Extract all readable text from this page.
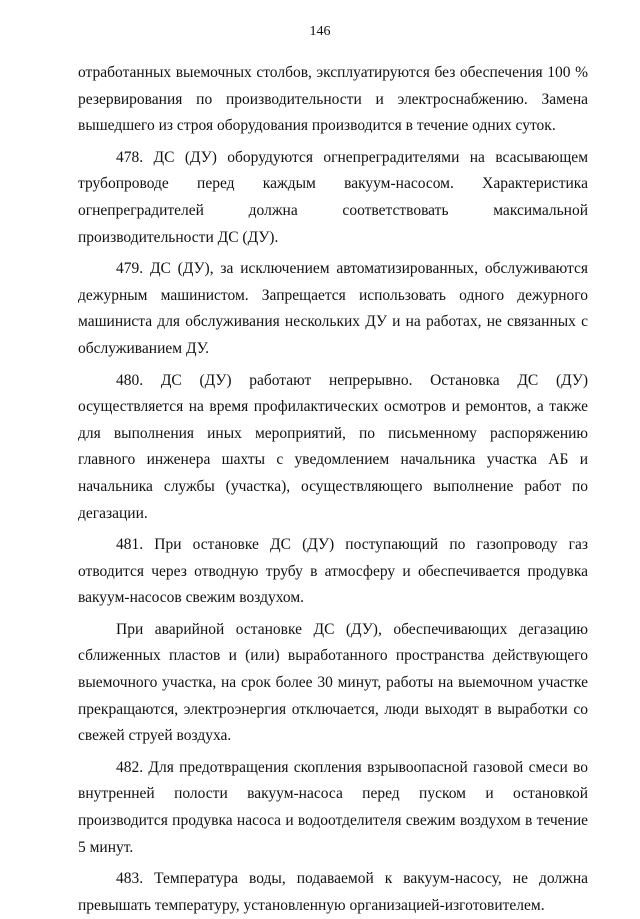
146

отработанных выемочных столбов, эксплуатируются без обеспечения 100 % резервирования по производительности и электроснабжению. Замена вышедшего из строя оборудования производится в течение одних суток.

478. ДС (ДУ) оборудуются огнепреградителями на всасывающем трубопроводе перед каждым вакуум-насосом. Характеристика огнепреградителей должна соответствовать максимальной производительности ДС (ДУ).

479. ДС (ДУ), за исключением автоматизированных, обслуживаются дежурным машинистом. Запрещается использовать одного дежурного машиниста для обслуживания нескольких ДУ и на работах, не связанных с обслуживанием ДУ.

480. ДС (ДУ) работают непрерывно. Остановка ДС (ДУ) осуществляется на время профилактических осмотров и ремонтов, а также для выполнения иных мероприятий, по письменному распоряжению главного инженера шахты с уведомлением начальника участка АБ и начальника службы (участка), осуществляющего выполнение работ по дегазации.

481. При остановке ДС (ДУ) поступающий по газопроводу газ отводится через отводную трубу в атмосферу и обеспечивается продувка вакуум-насосов свежим воздухом.

При аварийной остановке ДС (ДУ), обеспечивающих дегазацию сближенных пластов и (или) выработанного пространства действующего выемочного участка, на срок более 30 минут, работы на выемочном участке прекращаются, электроэнергия отключается, люди выходят в выработки со свежей струей воздуха.

482. Для предотвращения скопления взрывоопасной газовой смеси во внутренней полости вакуум-насоса перед пуском и остановкой производится продувка насоса и водоотделителя свежим воздухом в течение 5 минут.

483. Температура воды, подаваемой к вакуум-насосу, не должна превышать температуру, установленную организацией-изготовителем.
